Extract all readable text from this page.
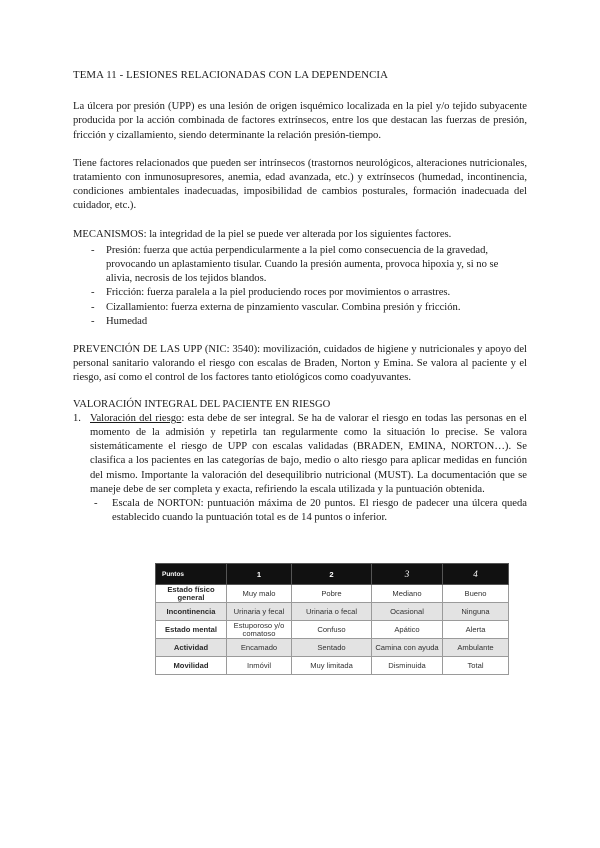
TEMA 11 - LESIONES RELACIONADAS CON LA DEPENDENCIA

La úlcera por presión (UPP) es una lesión de origen isquémico localizada en la piel y/o tejido subyacente producida por la acción combinada de factores extrínsecos, entre los que destacan las fuerzas de presión, fricción y cizallamiento, siendo determinante la relación presión-tiempo.

Tiene factores relacionados que pueden ser intrínsecos (trastornos neurológicos, alteraciones nutricionales, tratamiento con inmunosupresores, anemia, edad avanzada, etc.) y extrínsecos (humedad, incontinencia, condiciones ambientales inadecuadas, imposibilidad de cambios posturales, formación inadecuada del cuidador, etc.).

MECANISMOS: la integridad de la piel se puede ver alterada por los siguientes factores.

- Presión: fuerza que actúa perpendicularmente a la piel como consecuencia de la gravedad, provocando un aplastamiento tisular. Cuando la presión aumenta, provoca hipoxia y, si no se alivia, necrosis de los tejidos blandos.
- Fricción: fuerza paralela a la piel produciendo roces por movimientos o arrastres.
- Cizallamiento: fuerza externa de pinzamiento vascular. Combina presión y fricción.
- Humedad

PREVENCIÓN DE LAS UPP (NIC: 3540): movilización, cuidados de higiene y nutricionales y apoyo del personal sanitario valorando el riesgo con escalas de Braden, Norton y Emina. Se valora al paciente y el riesgo, así como el control de los factores tanto etiológicos como coadyuvantes.

VALORACIÓN INTEGRAL DEL PACIENTE EN RIESGO
1. Valoración del riesgo: esta debe de ser integral. Se ha de valorar el riesgo en todas las personas en el momento de la admisión y repetirla tan regularmente como la situación lo precise. Se valora sistemáticamente el riesgo de UPP con escalas validadas (BRADEN, EMINA, NORTON…). Se clasifica a los pacientes en las categorías de bajo, medio o alto riesgo para aplicar medidas en función del mismo. Importante la valoración del desequilibrio nutricional (MUST). La documentación que se maneje debe de ser completa y exacta, refiriendo la escala utilizada y la puntuación obtenida.
- Escala de NORTON: puntuación máxima de 20 puntos. El riesgo de padecer una úlcera queda establecido cuando la puntuación total es de 14 puntos o inferior.
Puntos	1	2	3	4
Estado físico general	Muy malo	Pobre	Mediano	Bueno
Incontinencia	Urinaria y fecal	Urinaria o fecal	Ocasional	Ninguna
Estado mental	Estuporoso y/o comatoso	Confuso	Apático	Alerta
Actividad	Encamado	Sentado	Camina con ayuda	Ambulante
Movilidad	Inmóvil	Muy limitada	Disminuida	Total
